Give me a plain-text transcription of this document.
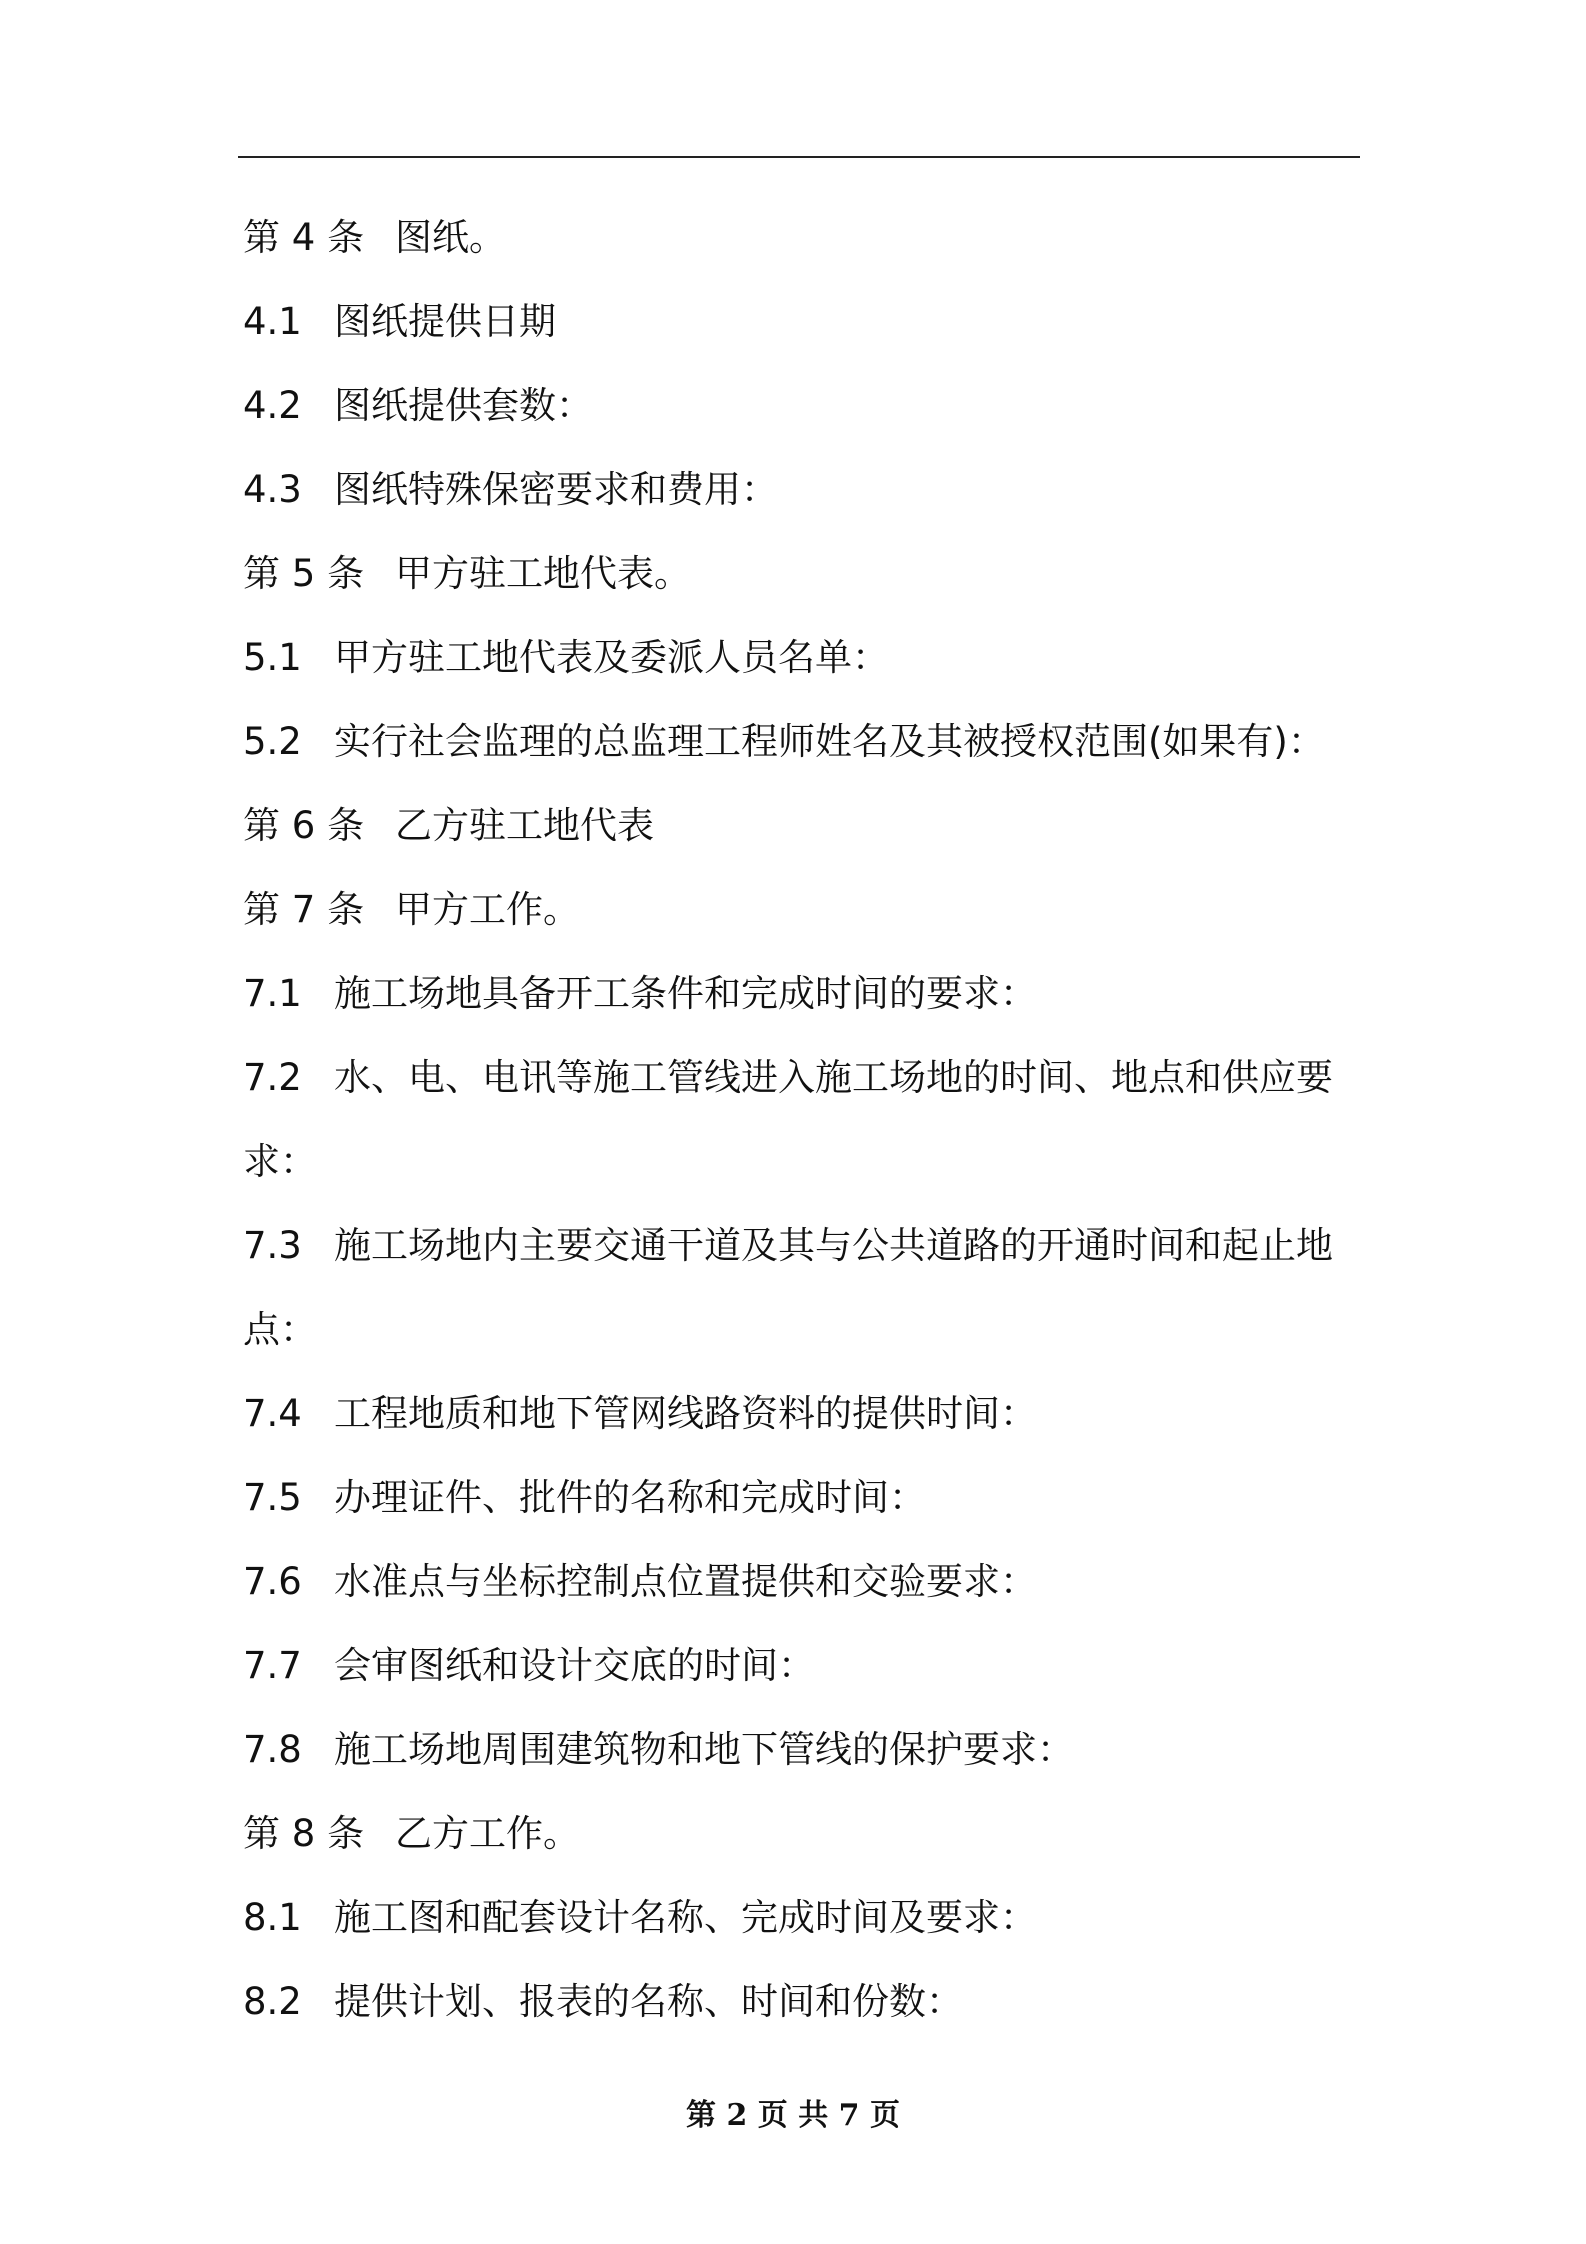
第 4 条 图纸。
4.1 图纸提供日期
4.2 图纸提供套数：
4.3 图纸特殊保密要求和费用：
第 5 条 甲方驻工地代表。
5.1 甲方驻工地代表及委派人员名单：
5.2 实行社会监理的总监理工程师姓名及其被授权范围(如果有)：
第 6 条 乙方驻工地代表
第 7 条 甲方工作。
7.1 施工场地具备开工条件和完成时间的要求：
7.2 水、电、电讯等施工管线进入施工场地的时间、地点和供应要
求：
7.3 施工场地内主要交通干道及其与公共道路的开通时间和起止地
点：
7.4 工程地质和地下管网线路资料的提供时间：
7.5 办理证件、批件的名称和完成时间：
7.6 水准点与坐标控制点位置提供和交验要求：
7.7 会审图纸和设计交底的时间：
7.8 施工场地周围建筑物和地下管线的保护要求：
第 8 条 乙方工作。
8.1 施工图和配套设计名称、完成时间及要求：
8.2 提供计划、报表的名称、时间和份数：
第 2 页 共 7 页
